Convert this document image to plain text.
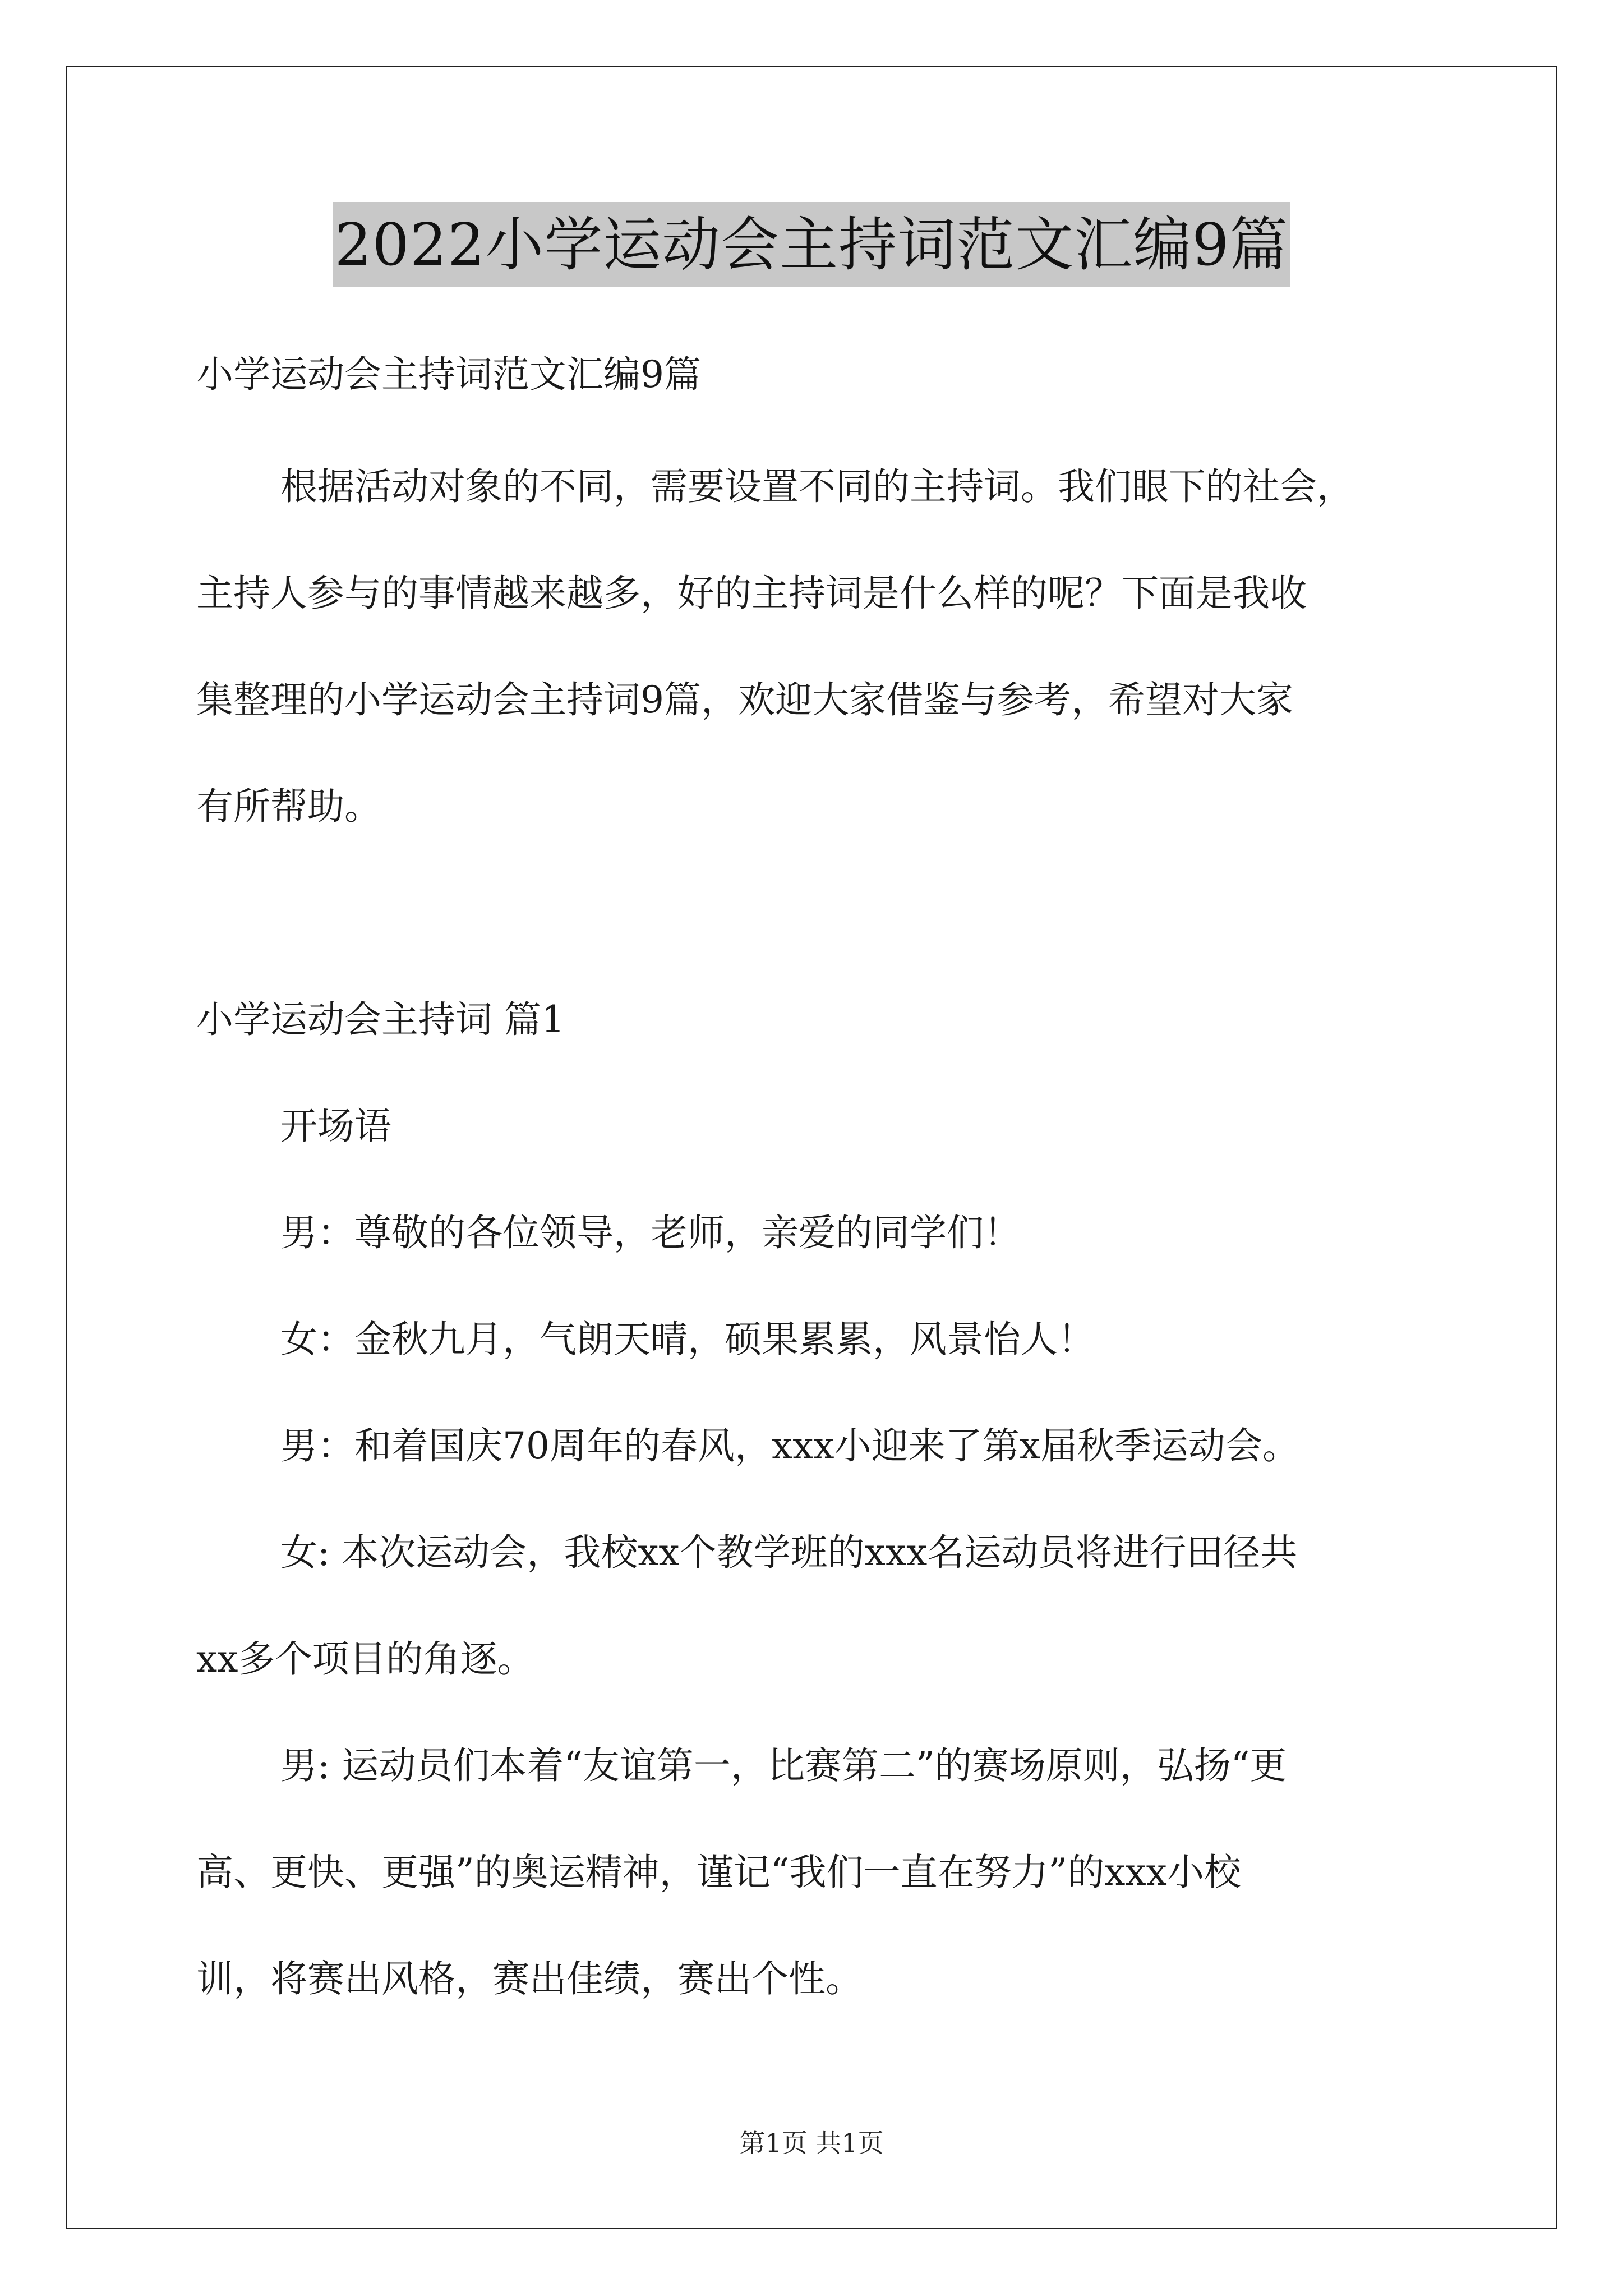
2022小学运动会主持词范文汇编9篇
小学运动会主持词范文汇编9篇
根据活动对象的不同，需要设置不同的主持词。我们眼下的社会，
主持人参与的事情越来越多，好的主持词是什么样的呢？下面是我收
集整理的小学运动会主持词9篇，欢迎大家借鉴与参考，希望对大家
有所帮助。
小学运动会主持词 篇1
开场语
男：尊敬的各位领导，老师，亲爱的同学们！
女：金秋九月，气朗天晴，硕果累累，风景怡人！
男：和着国庆70周年的春风，xxx小迎来了第x届秋季运动会。
女: 本次运动会，我校xx个教学班的xxx名运动员将进行田径共
xx多个项目的角逐。
男: 运动员们本着“友谊第一，比赛第二”的赛场原则，弘扬“更
高、更快、更强”的奥运精神，谨记“我们一直在努力”的xxx小校
训，将赛出风格，赛出佳绩，赛出个性。
第1页 共1页
